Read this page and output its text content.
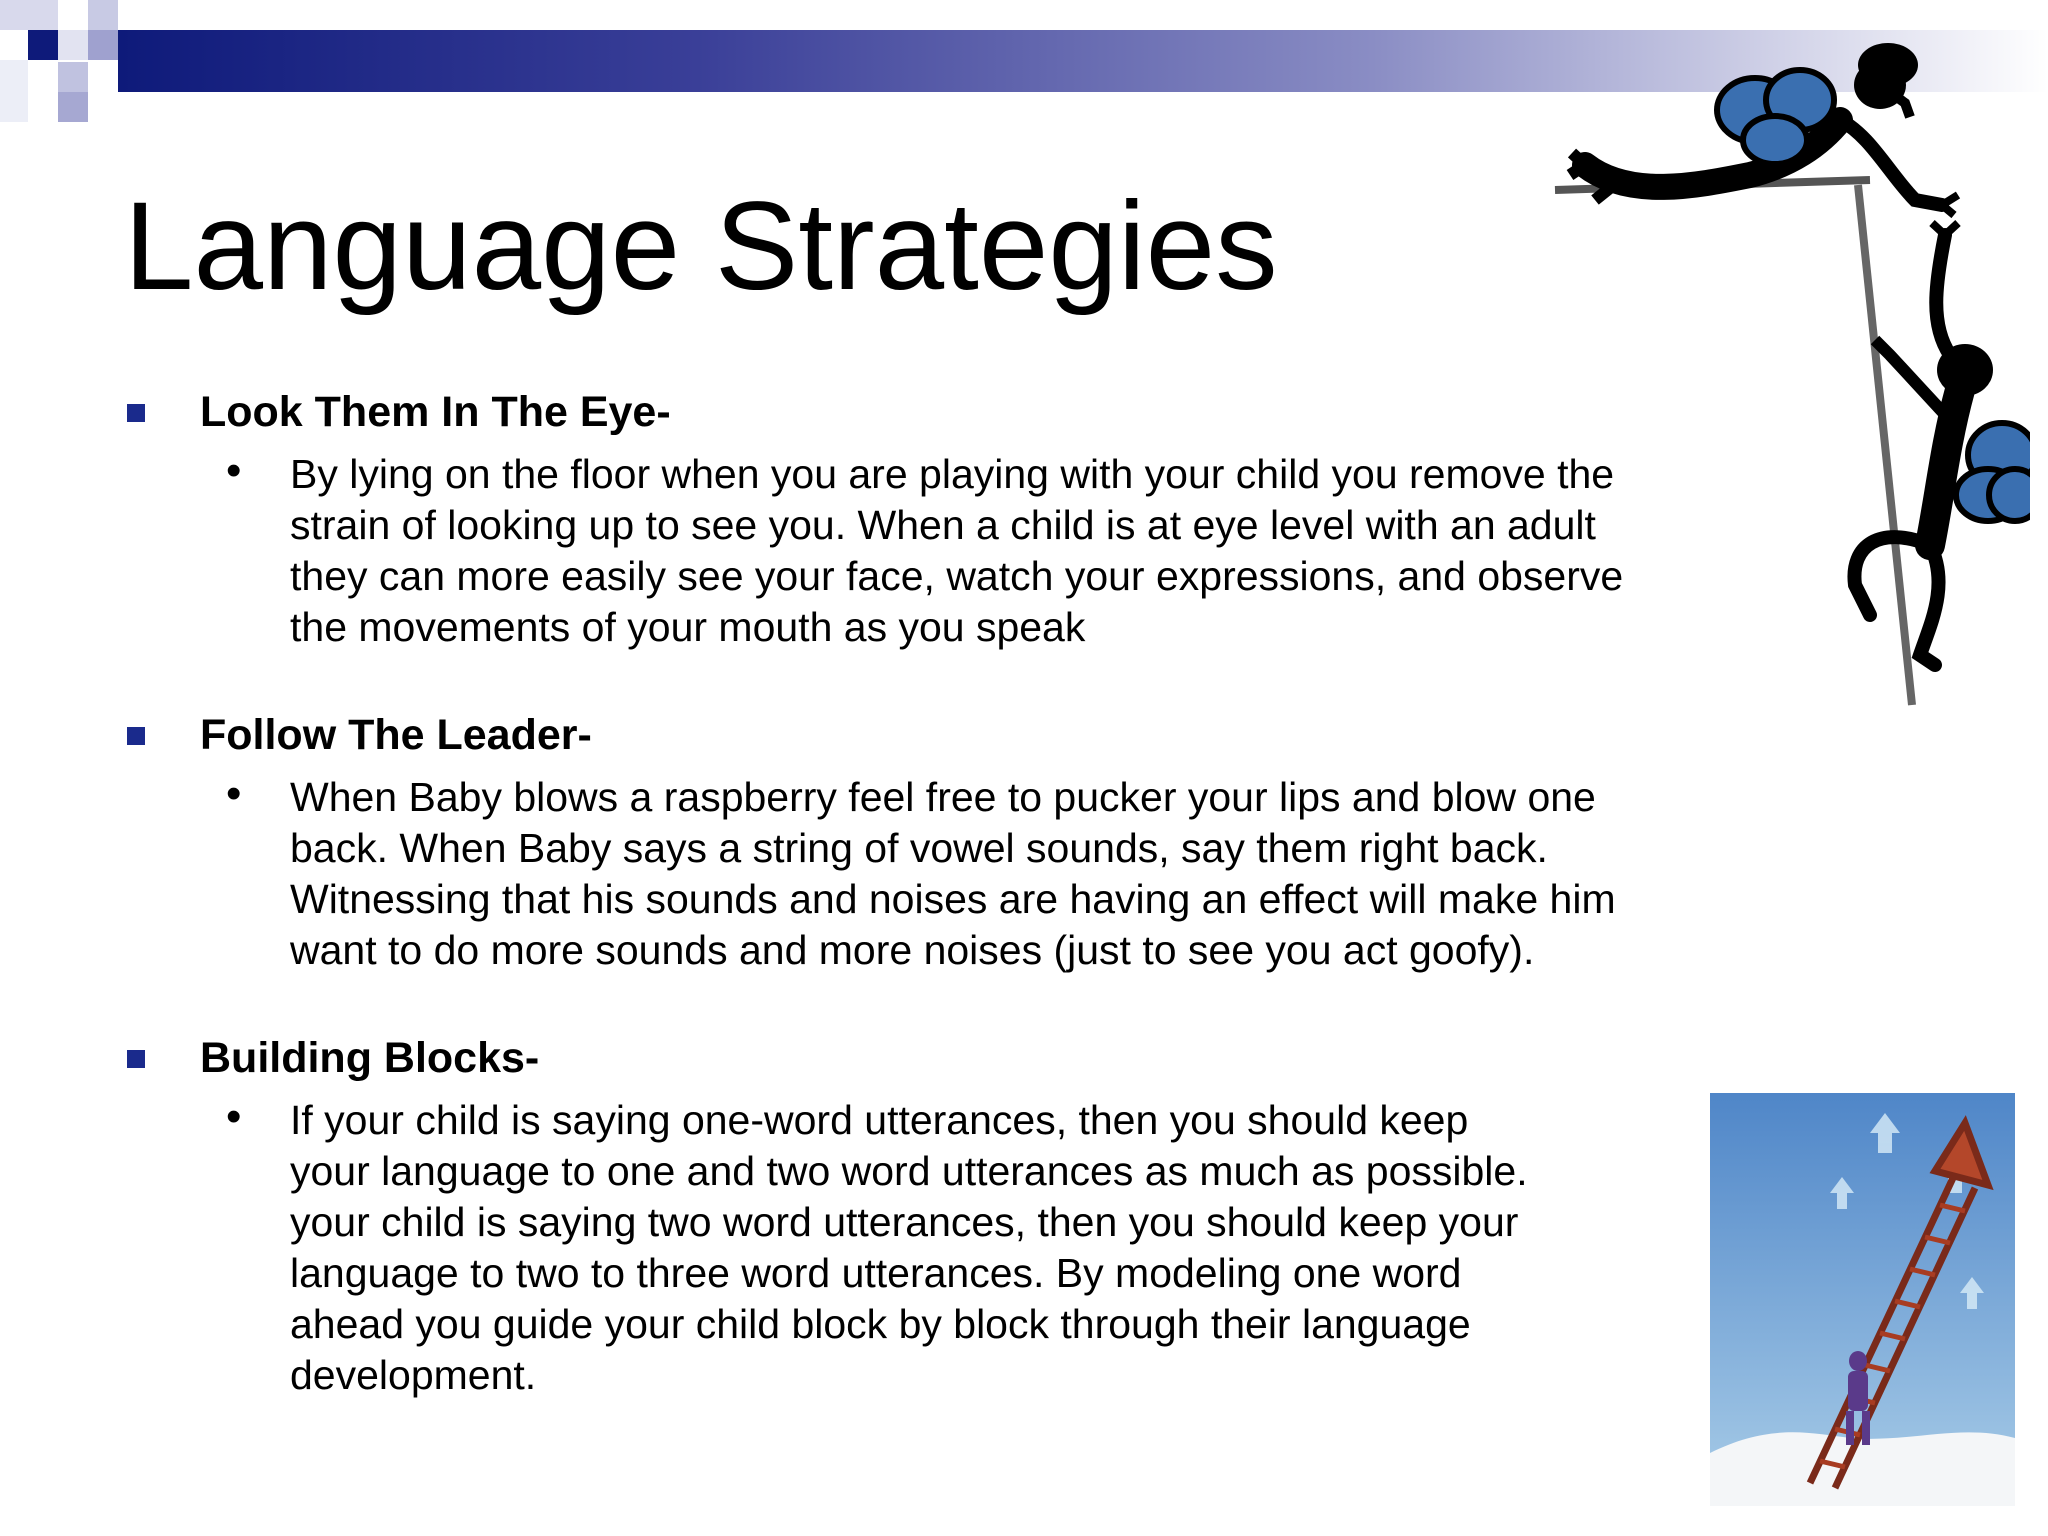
Language Strategies
Look Them In The Eye-
• By lying on the floor when you are playing with your child you remove the
strain of looking up to see you. When a child is at eye level with an adult
they can more easily see your face, watch your expressions, and observe
the movements of your mouth as you speak
Follow The Leader-
• When Baby blows a raspberry feel free to pucker your lips and blow one
back. When Baby says a string of vowel sounds, say them right back.
Witnessing that his sounds and noises are having an effect will make him
want to do more sounds and more noises (just to see you act goofy).
Building Blocks-
• If your child is saying one-word utterances, then you should keep
your language to one and two word utterances as much as possible.
your child is saying two word utterances, then you should keep your
language to two to three word utterances. By modeling one word
ahead you guide your child block by block through their language
development.
